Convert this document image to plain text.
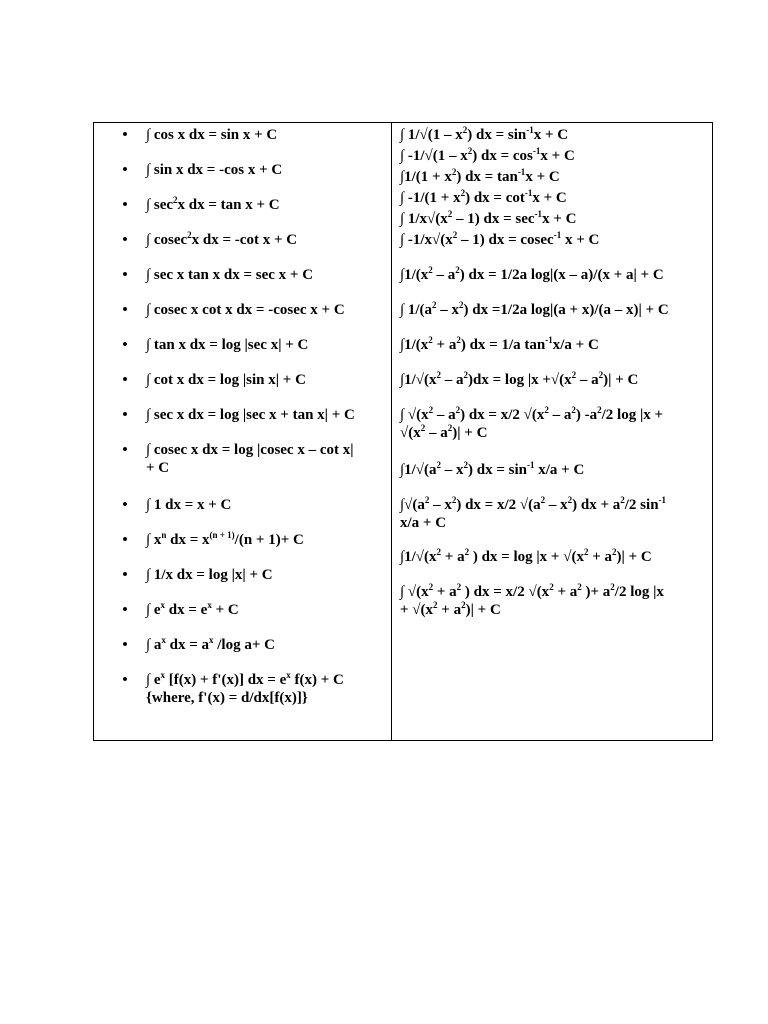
• ∫ cos x dx = sin x + C
• ∫ sin x dx = -cos x + C
• ∫ $\sec^2x$ dx = tan x + C
• ∫ cosec$^2$x dx = -cot x + C
• ∫ sec x tan x dx = sec x + C
• ∫ cosec x cot x dx = -cosec x + C
• ∫ tan x dx = log |sec x| + C
• ∫ cot x dx = log |sin x| + C
• ∫ sec x dx = log |sec x + tan x| + C
• ∫ cosec x dx = log |cosec x – cot x|
+ C
• ∫ 1 dx = x + C
• ∫ $x^n$ dx = $x^{(n + 1)}/(n + 1)+ C$
• ∫ 1/x dx = log |x| + C
• ∫ $e^x$ dx = $e^x + C$
• ∫ $a^x$ dx = $a^x$ /log a+ C
• ∫ $e^x$ [f(x) + f'(x)] dx = $e^x$ f(x) + C
{where, f'(x) = d/dx[f(x)]}
∫ $1/√(1 - x^2)$ dx = $\sin^{-1}x + C$
∫ $-1/√(1 - x^2)$ dx = $\cos^{-1}x + C$
$\int 1/(1 + x^2)$ dx = $\tan^{-1}x + C$
∫ $-1/(1 + x^2)$ dx = $\cot^{-1}x + C$
∫ $1/x√(x^2 - 1)$ dx = $\sec^{-1}x + C$
∫ $-1/x√(x^2 - 1)$ dx = cosec$^{-1}$ x + C
$\int 1/(x^2 - a^2)$ dx = 1/2a log|(x – a)/(x + a| + C
∫ $1/(a^2 - x^2)$ dx =1/2a log|(a + x)/(a – x)| + C
$\int 1/(x^2 + a^2)$ dx = 1/a $\tan^{-1}x/a + C$
$\int 1/√(x^2 - a^2)dx = \log |x +√(x^2 - a^2)| + C$
∫ $√(x^2 - a^2)$ dx = x/2 $√(x^2 - a^2)$ $-a^2/2$ log |x +
$√(x^2 - a^2)| + C$
$\int 1/√(a^2 - x^2)$ dx = $\sin^{-1} x/a + C$
$\int√(a^2 - x^2)$ dx = x/2 $√(a^2 - x^2)$ dx + $a^2/2$ $\sin^{-1}$
x/a + C
$\int 1/√(x^2 + a^2$ ) dx = $\log |x + √(x^2 + a^2)| + C$
∫ $√(x^2 + a^2$ ) dx = x/2 $√(x^2 + a^2$ )+ $a^2/2$ log |x
+ $√(x^2 + a^2)| + C$
